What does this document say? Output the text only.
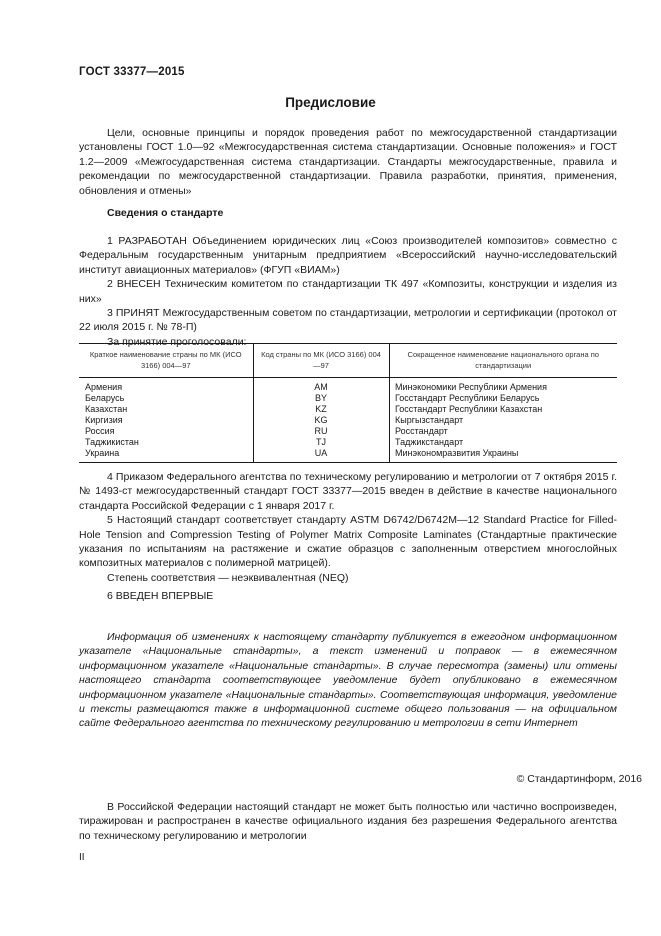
ГОСТ 33377—2015
Предисловие

Цели, основные принципы и порядок проведения работ по межгосударственной стандартизации установлены ГОСТ 1.0—92 «Межгосударственная система стандартизации. Основные положения» и ГОСТ 1.2—2009 «Межгосударственная система стандартизации. Стандарты межгосударственные, правила и рекомендации по межгосударственной стандартизации. Правила разработки, принятия, применения, обновления и отмены»

Сведения о стандарте

1 РАЗРАБОТАН Объединением юридических лиц «Союз производителей композитов» совместно с Федеральным государственным унитарным предприятием «Всероссийский научно-исследовательский институт авиационных материалов» (ФГУП «ВИАМ»)

2 ВНЕСЕН Техническим комитетом по стандартизации ТК 497 «Композиты, конструкции и изделия из них»

3 ПРИНЯТ Межгосударственным советом по стандартизации, метрологии и сертификации (протокол от 22 июля 2015 г. № 78-П)

За принятие проголосовали:

Краткое наименование страны по МК (ИСО 3166) 004—97	Код страны по МК (ИСО 3166) 004—97	Сокращенное наименование национального органа по стандартизации
Армения	AM	Минэкономики Республики Армения
Беларусь	BY	Госстандарт Республики Беларусь
Казахстан	KZ	Госстандарт Республики Казахстан
Киргизия	KG	Кыргызстандарт
Россия	RU	Росстандарт
Таджикистан	TJ	Таджикстандарт
Украина	UA	Минэкономразвития Украины

4 Приказом Федерального агентства по техническому регулированию и метрологии от 7 октября 2015 г. № 1493-ст межгосударственный стандарт ГОСТ 33377—2015 введен в действие в качестве национального стандарта Российской Федерации с 1 января 2017 г.

5 Настоящий стандарт соответствует стандарту ASTM D6742/D6742M—12 Standard Practice for Filled-Hole Tension and Compression Testing of Polymer Matrix Composite Laminates (Стандартные практические указания по испытаниям на растяжение и сжатие образцов с заполненным отверстием многослойных композитных материалов с полимерной матрицей).

Степень соответствия — неэквивалентная (NEQ)

6 ВВЕДЕН ВПЕРВЫЕ

Информация об изменениях к настоящему стандарту публикуется в ежегодном информационном указателе «Национальные стандарты», а текст изменений и поправок — в ежемесячном информационном указателе «Национальные стандарты». В случае пересмотра (замены) или отмены настоящего стандарта соответствующее уведомление будет опубликовано в ежемесячном информационном указателе «Национальные стандарты». Соответствующая информация, уведомление и тексты размещаются также в информационной системе общего пользования — на официальном сайте Федерального агентства по техническому регулированию и метрологии в сети Интернет

© Стандартинформ, 2016

В Российской Федерации настоящий стандарт не может быть полностью или частично воспроизведен, тиражирован и распространен в качестве официального издания без разрешения Федерального агентства по техническому регулированию и метрологии

II
